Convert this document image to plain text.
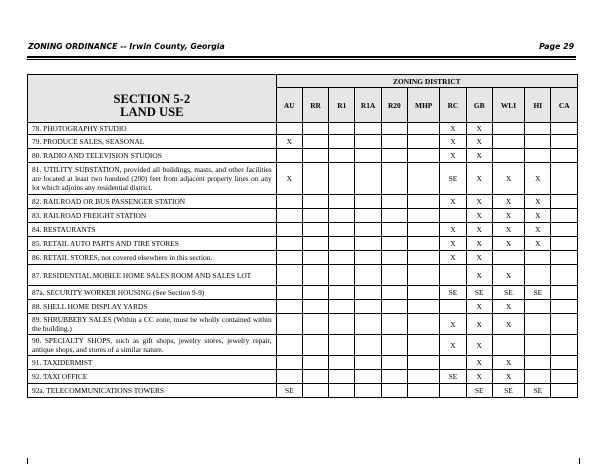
ZONING ORDINANCE -- Irwin County, Georgia	Page 29
SECTION 5-2
LAND USE	ZONING DISTRICT										
	AU	RR	R1	R1A	R20	MHP	RC	GB	WLI	HI	CA
78. PHOTOGRAPHY STUDIO							X	X			
79. PRODUCE SALES, SEASONAL	X						X	X			
80. RADIO AND TELEVISION STUDIOS							X	X			
81. UTILITY SUBSTATION, provided all buildings, masts, and other facilities are located at least two hundred (200) feet from adjacent property lines on any lot which adjoins any residential district.	X						SE	X	X	X	
82. RAILROAD OR BUS PASSENGER STATION							X	X	X	X	
83. RAILROAD FREIGHT STATION								X	X	X	
84. RESTAURANTS							X	X	X	X	
85. RETAIL AUTO PARTS AND TIRE STORES							X	X	X	X	
86. RETAIL STORES, not covered elsewhere in this section.							X	X			
87. RESIDENTIAL MOBILE HOME SALES ROOM AND SALES LOT								X	X		
87a. SECURITY WORKER HOUSING (See Section 9-9)							SE	SE	SE	SE	
88. SHELL HOME DISPLAY YARDS								X	X		
89. SHRUBBERY SALES (Within a CC zone, must be wholly contained within the building.)							X	X	X		
90. SPECIALTY SHOPS, such as gift shops, jewelry stores, jewelry repair, antique shops, and stores of a similar nature.							X	X			
91. TAXIDERMIST								X	X		
92. TAXI OFFICE							SE	X	X		
92a. TELECOMMUNICATIONS TOWERS	SE							SE	SE	SE	
